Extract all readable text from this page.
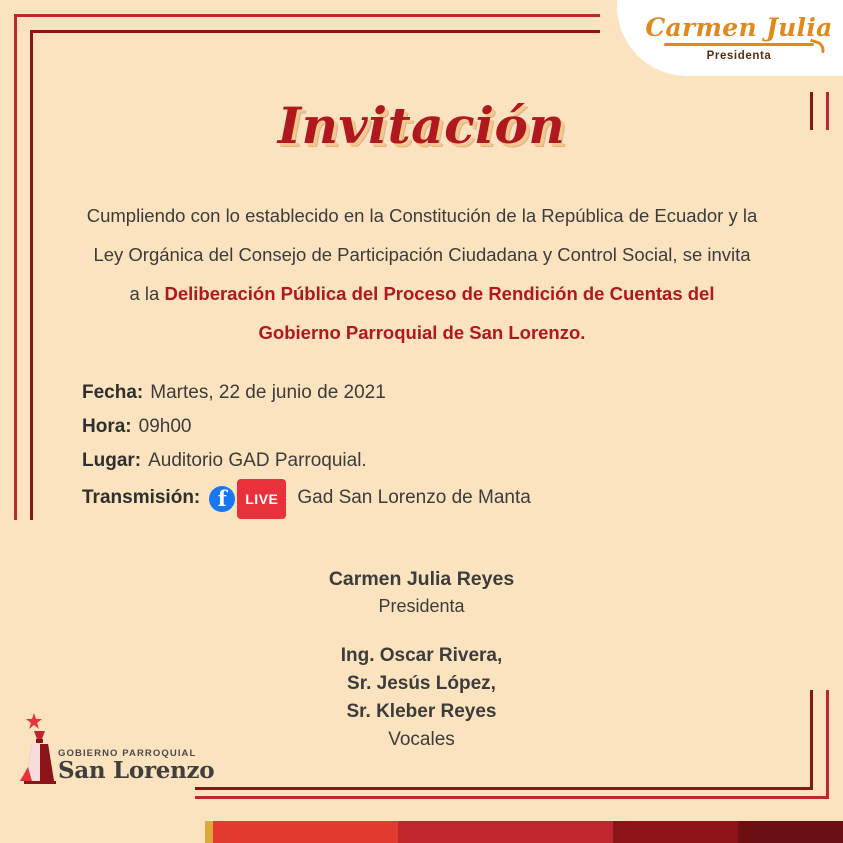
Carmen Julia
Presidenta
Invitación
Cumpliendo con lo establecido en la Constitución de la República de Ecuador y la Ley Orgánica del Consejo de Participación Ciudadana y Control Social, se invita a la Deliberación Pública del Proceso de Rendición de Cuentas del Gobierno Parroquial de San Lorenzo.
Fecha: Martes, 22 de junio de 2021
Hora: 09h00
Lugar: Auditorio GAD Parroquial.
Transmisión: f	LIVE	Gad San Lorenzo de Manta
Carmen Julia Reyes
Presidenta
Ing. Oscar Rivera,
Sr. Jesús López,
Sr. Kleber Reyes
Vocales
GOBIERNO PARROQUIAL
San Lorenzo
